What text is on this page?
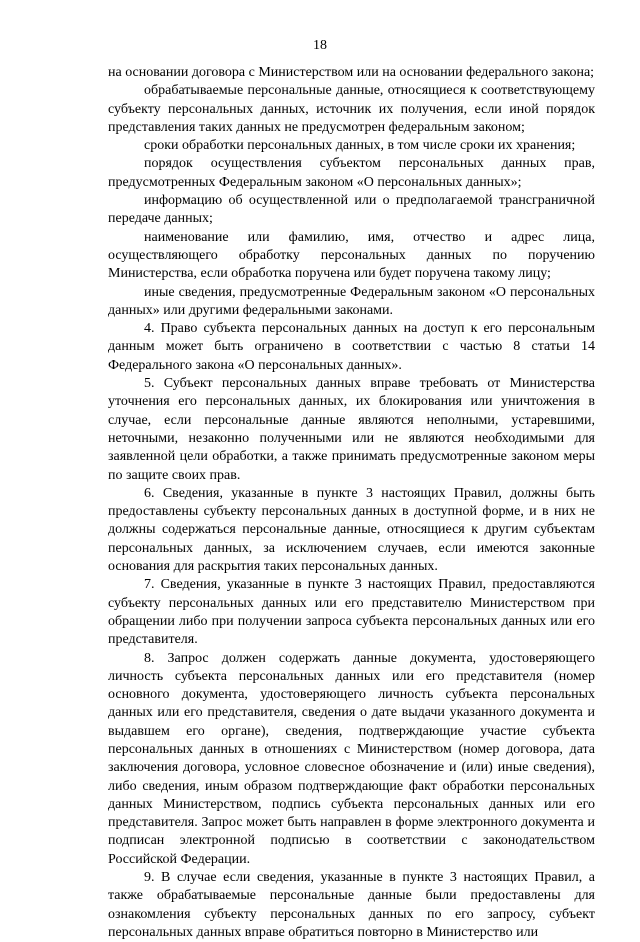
18

на основании договора с Министерством или на основании федерального закона;

обрабатываемые персональные данные, относящиеся к соответствующему субъекту персональных данных, источник их получения, если иной порядок представления таких данных не предусмотрен федеральным законом;

сроки обработки персональных данных, в том числе сроки их хранения;

порядок осуществления субъектом персональных данных прав, предусмотренных Федеральным законом «О персональных данных»;

информацию об осуществленной или о предполагаемой трансграничной передаче данных;

наименование или фамилию, имя, отчество и адрес лица, осуществляющего обработку персональных данных по поручению Министерства, если обработка поручена или будет поручена такому лицу;

иные сведения, предусмотренные Федеральным законом «О персональных данных» или другими федеральными законами.

4. Право субъекта персональных данных на доступ к его персональным данным может быть ограничено в соответствии с частью 8 статьи 14 Федерального закона «О персональных данных».

5. Субъект персональных данных вправе требовать от Министерства уточнения его персональных данных, их блокирования или уничтожения в случае, если персональные данные являются неполными, устаревшими, неточными, незаконно полученными или не являются необходимыми для заявленной цели обработки, а также принимать предусмотренные законом меры по защите своих прав.

6. Сведения, указанные в пункте 3 настоящих Правил, должны быть предоставлены субъекту персональных данных в доступной форме, и в них не должны содержаться персональные данные, относящиеся к другим субъектам персональных данных, за исключением случаев, если имеются законные основания для раскрытия таких персональных данных.

7. Сведения, указанные в пункте 3 настоящих Правил, предоставляются субъекту персональных данных или его представителю Министерством при обращении либо при получении запроса субъекта персональных данных или его представителя.

8. Запрос должен содержать данные документа, удостоверяющего личность субъекта персональных данных или его представителя (номер основного документа, удостоверяющего личность субъекта персональных данных или его представителя, сведения о дате выдачи указанного документа и выдавшем его органе), сведения, подтверждающие участие субъекта персональных данных в отношениях с Министерством (номер договора, дата заключения договора, условное словесное обозначение и (или) иные сведения), либо сведения, иным образом подтверждающие факт обработки персональных данных Министерством, подпись субъекта персональных данных или его представителя. Запрос может быть направлен в форме электронного документа и подписан электронной подписью в соответствии с законодательством Российской Федерации.

9. В случае если сведения, указанные в пункте 3 настоящих Правил, а также обрабатываемые персональные данные были предоставлены для ознакомления субъекту персональных данных по его запросу, субъект персональных данных вправе обратиться повторно в Министерство или
